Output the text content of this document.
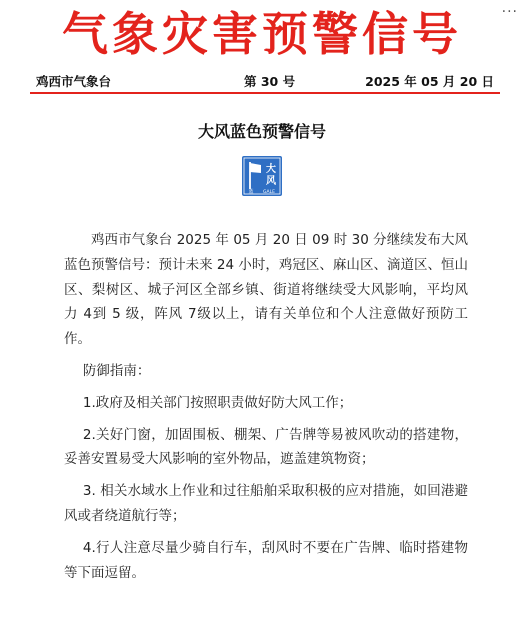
···
气象灾害预警信号
鸡西市气象台	第 30 号	2025 年 05 月 20 日
大风蓝色预警信号
大
风
蓝 GALE

鸡西市气象台 2025 年 05 月 20 日 09 时 30 分继续发布大风蓝色预警信号：预计未来 24 小时，鸡冠区、麻山区、滴道区、恒山区、梨树区、城子河区全部乡镇、街道将继续受大风影响，平均风力 4到 5 级，阵风 7级以上，请有关单位和个人注意做好预防工作。

防御指南：

1.政府及相关部门按照职责做好防大风工作；

2.关好门窗，加固围板、棚架、广告牌等易被风吹动的搭建物，妥善安置易受大风影响的室外物品，遮盖建筑物资；

3. 相关水域水上作业和过往船舶采取积极的应对措施，如回港避风或者绕道航行等；

4.行人注意尽量少骑自行车，刮风时不要在广告牌、临时搭建物等下面逗留。
